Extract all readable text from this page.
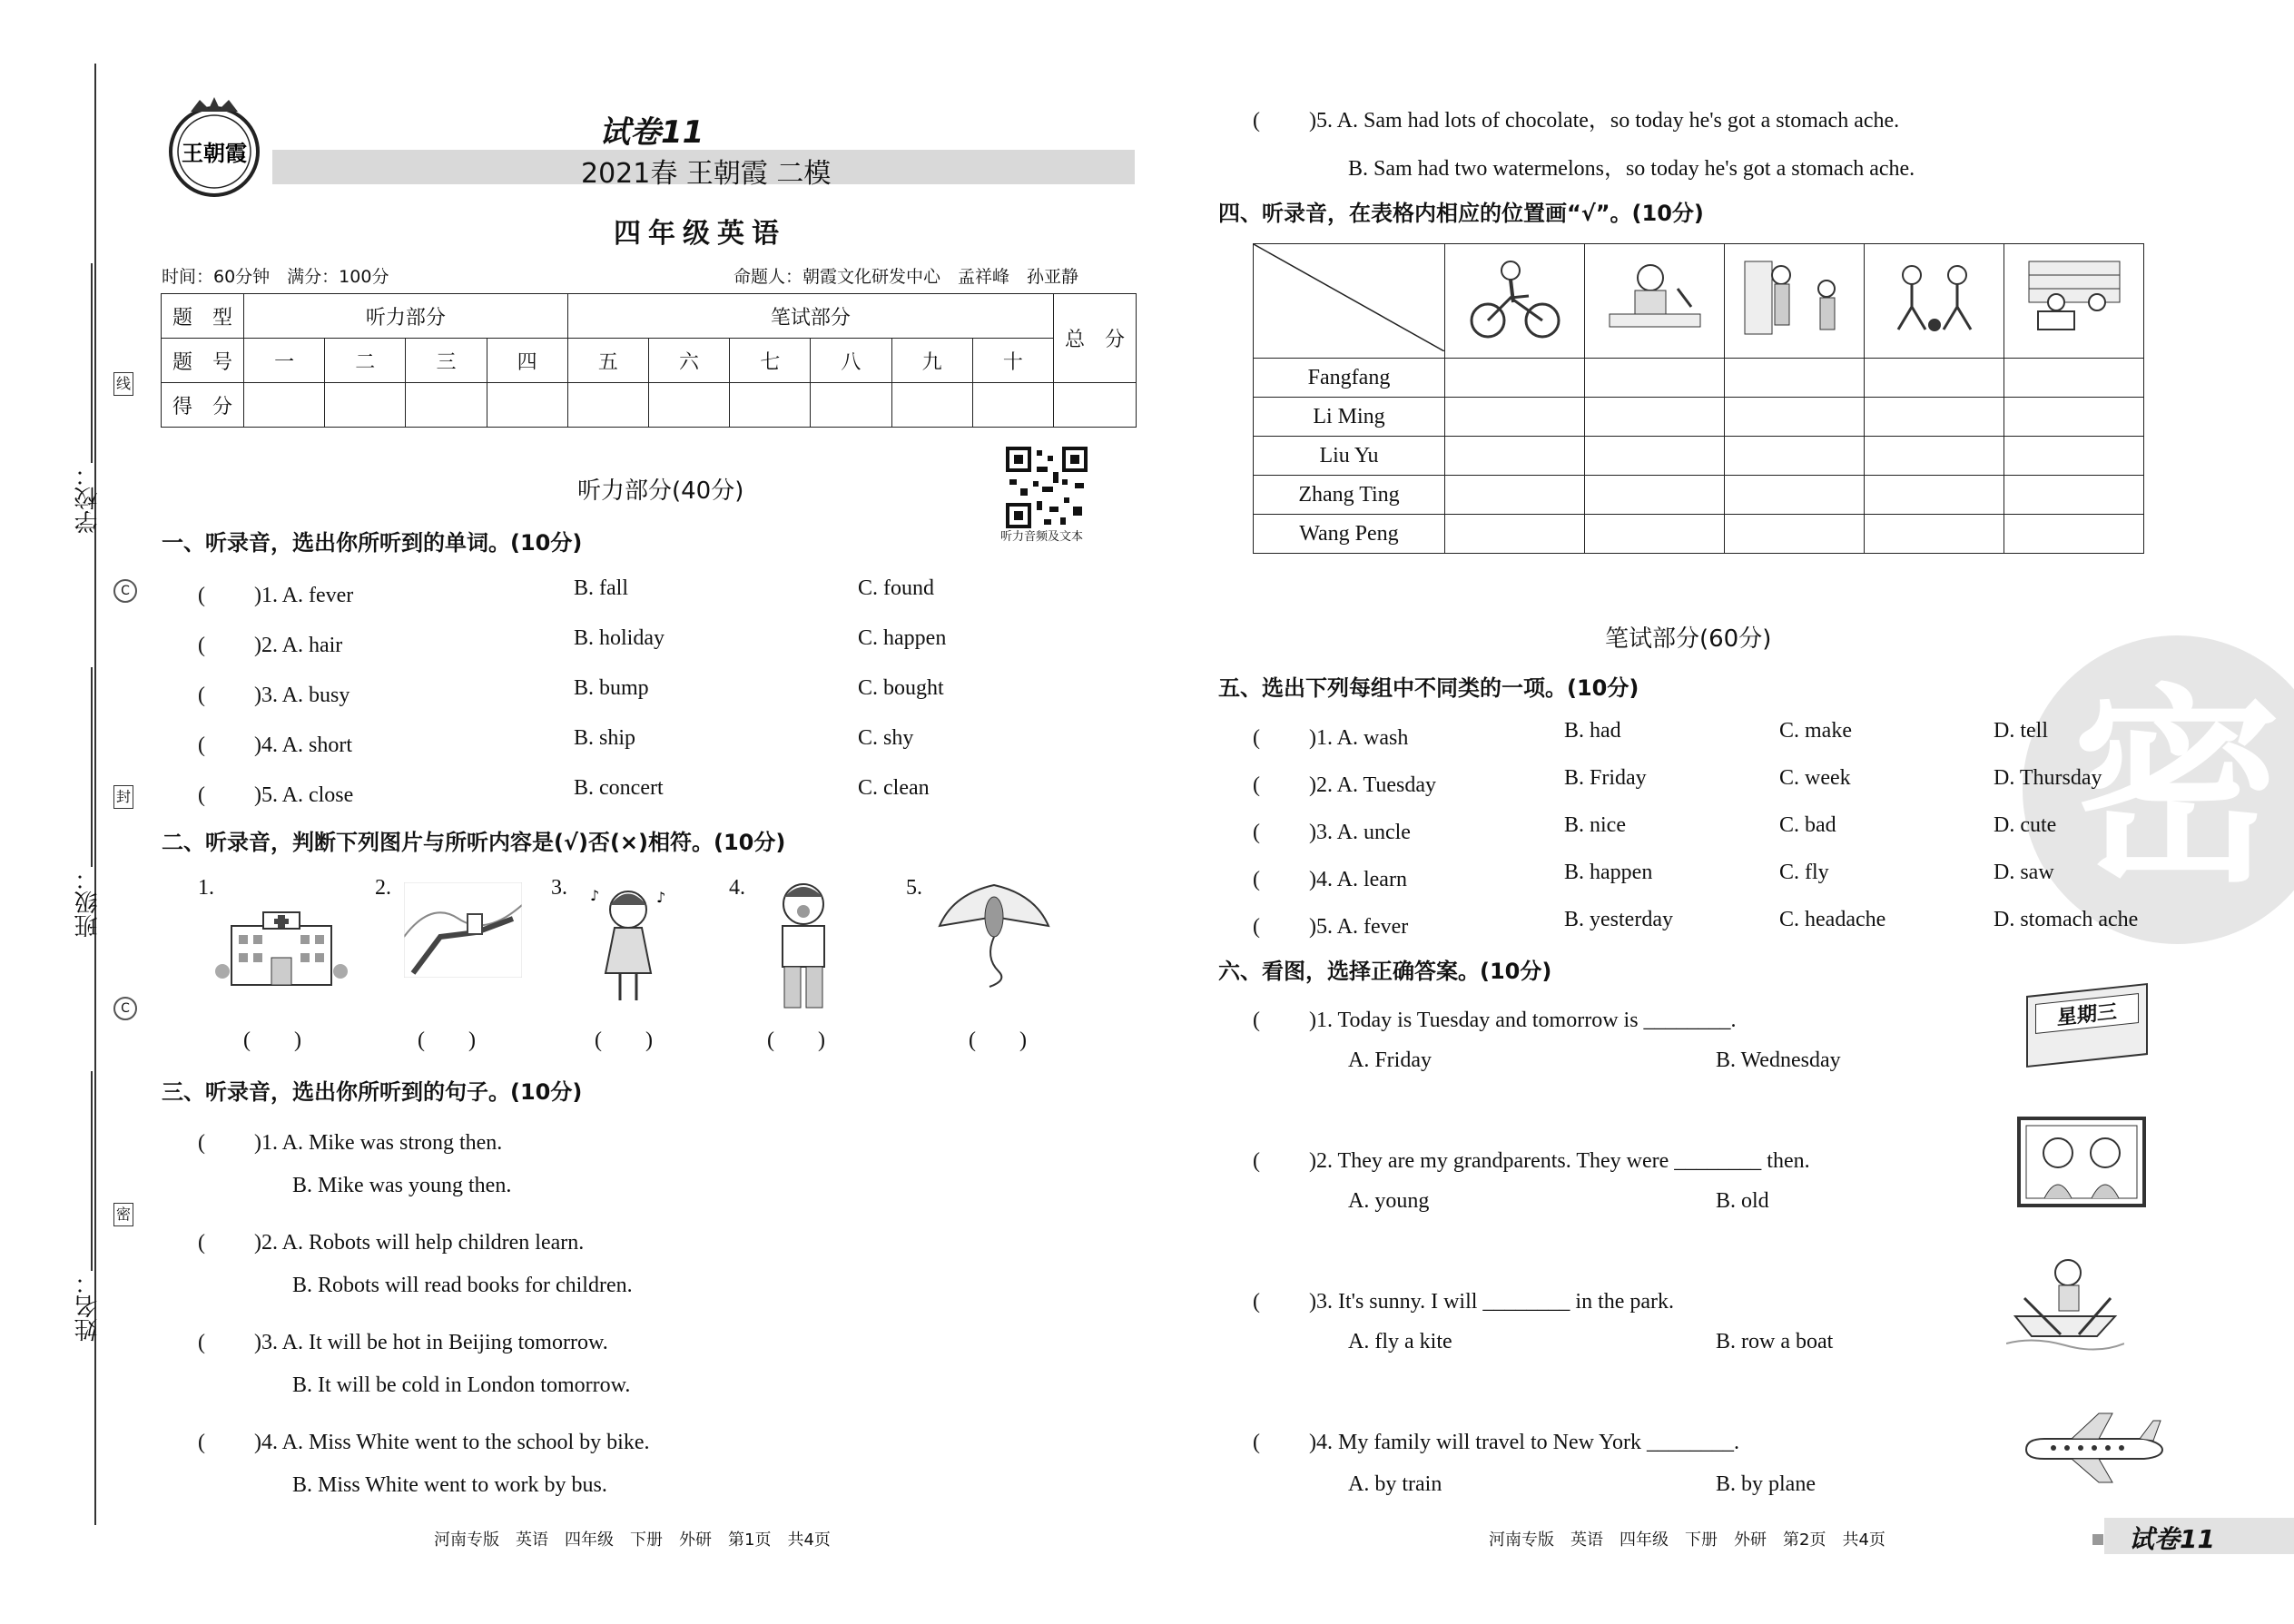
线
封
密
C
C
学校：
班级：
姓名：
王朝霞
试卷11
2021春 王朝霞 二模
四年级英语
时间：60分钟　满分：100分	命题人：朝霞文化研发中心　孟祥峰　孙亚静
题　型	听力部分				笔试部分						总　分
题　号	一	二	三	四	五	六	七	八	九	十	
得　分											
听力音频及文本
听力部分(40分)
一、听录音，选出你所听到的单词。(10分)
( 　　)1. A. fever	B. fall	C. found
( 　　)2. A. hair	B. holiday	C. happen
( 　　)3. A. busy	B. bump	C. bought
( 　　)4. A. short	B. ship	C. shy
( 　　)5. A. close	B. concert	C. clean
二、听录音，判断下列图片与所听内容是(√)否(×)相符。(10分)
1.	2.	3.	4.	5.
♪	♪
(　　)	(　　)	(　　)	(　　)	(　　)
三、听录音，选出你所听到的句子。(10分)
( 　　)1. A. Mike was strong then.
B. Mike was young then.
( 　　)2. A. Robots will help children learn.
B. Robots will read books for children.
( 　　)3. A. It will be hot in Beijing tomorrow.
B. It will be cold in London tomorrow.
( 　　)4. A. Miss White went to the school by bike.
B. Miss White went to work by bus.
河南专版　英语　四年级　下册　外研　第1页　共4页
( 　　)5. A. Sam had lots of chocolate，so today he's got a stomach ache.
B. Sam had two watermelons，so today he's got a stomach ache.
四、听录音，在表格内相应的位置画“√”。(10分)

Fangfang					
Li Ming					
Liu Yu					
Zhang Ting					
Wang Peng					
密
笔试部分(60分)
五、选出下列每组中不同类的一项。(10分)
( 　　)1. A. wash	B. had	C. make	D. tell
( 　　)2. A. Tuesday	B. Friday	C. week	D. Thursday
( 　　)3. A. uncle	B. nice	C. bad	D. cute
( 　　)4. A. learn	B. happen	C. fly	D. saw
( 　　)5. A. fever	B. yesterday	C. headache	D. stomach ache
六、看图，选择正确答案。(10分)
( 　　)1. Today is Tuesday and tomorrow is ________.
A. Friday	B. Wednesday
星期三
( 　　)2. They are my grandparents. They were ________ then.
A. young	B. old
( 　　)3. It's sunny. I will ________ in the park.
A. fly a kite	B. row a boat
( 　　)4. My family will travel to New York ________.
A. by train	B. by plane
河南专版　英语　四年级　下册　外研　第2页　共4页	试卷11
